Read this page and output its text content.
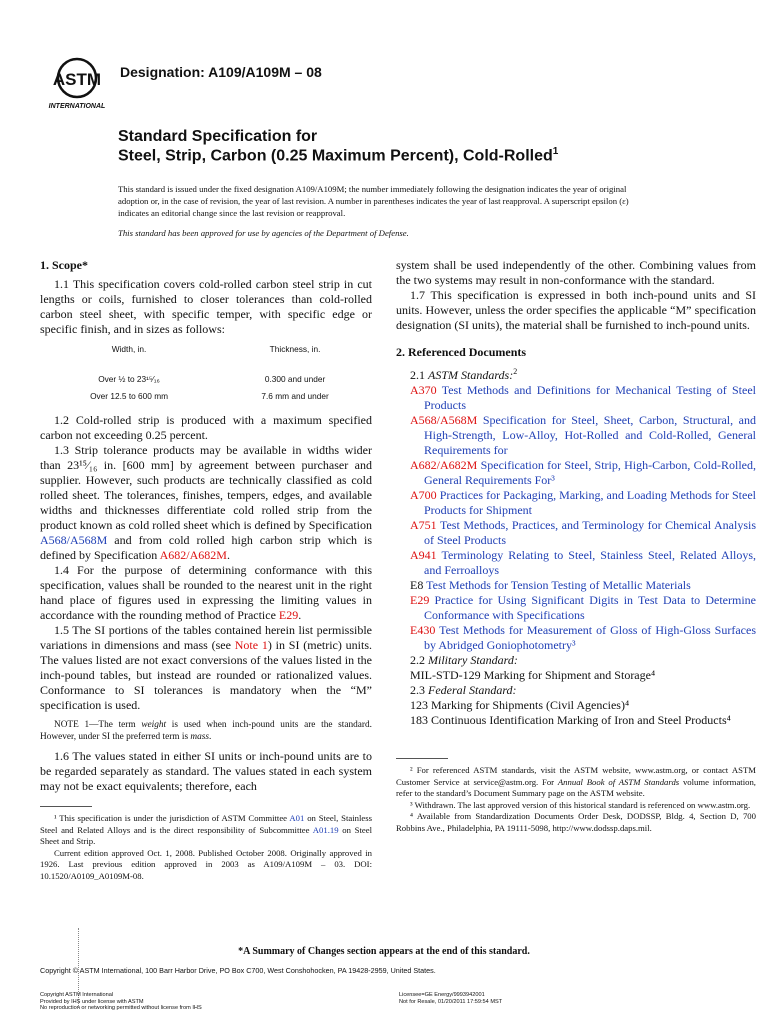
ASTM
INTERNATIONAL
Designation: A109/A109M – 08
Standard Specification for
Steel, Strip, Carbon (0.25 Maximum Percent), Cold-Rolled$^1$
This standard is issued under the fixed designation A109/A109M; the number immediately following the designation indicates the year of original adoption or, in the case of revision, the year of last revision. A number in parentheses indicates the year of last reapproval. A superscript epsilon (ε) indicates an editorial change since the last revision or reapproval.
This standard has been approved for use by agencies of the Department of Defense.
1. Scope*

1.1 This specification covers cold-rolled carbon steel strip in cut lengths or coils, furnished to closer tolerances than cold-rolled carbon steel sheet, with specific temper, with specific edge or specific finish, and in sizes as follows:

Width, in.	Thickness, in.
Over ½ to 23¹⁵⁄₁₆	0.300 and under
Over 12.5 to 600 mm	7.6 mm and under

1.2 Cold-rolled strip is produced with a maximum specified carbon not exceeding 0.25 percent.

1.3 Strip tolerance products may be available in widths wider than 23¹⁵⁄₁₆ in. [600 mm] by agreement between purchaser and supplier. However, such products are technically classified as cold rolled sheet. The tolerances, finishes, tempers, edges, and available widths and thicknesses differentiate cold rolled strip from the product known as cold rolled sheet which is defined by Specification A568/A568M and from cold rolled high carbon strip which is defined by Specification A682/A682M.

1.4 For the purpose of determining conformance with this specification, values shall be rounded to the nearest unit in the right hand place of figures used in expressing the limiting values in accordance with the rounding method of Practice E29.

1.5 The SI portions of the tables contained herein list permissible variations in dimensions and mass (see Note 1) in SI (metric) units. The values listed are not exact conversions of the values listed in the inch-pound tables, but instead are rounded or rationalized values. Conformance to SI tolerances is mandatory when the “M” specification is used.

NOTE 1—The term weight is used when inch-pound units are the standard. However, under SI the preferred term is mass.

1.6 The values stated in either SI units or inch-pound units are to be regarded separately as standard. The values stated in each system may not be exact equivalents; therefore, each

¹ This specification is under the jurisdiction of ASTM Committee A01 on Steel, Stainless Steel and Related Alloys and is the direct responsibility of Subcommittee A01.19 on Steel Sheet and Strip.

Current edition approved Oct. 1, 2008. Published October 2008. Originally approved in 1926. Last previous edition approved in 2003 as A109/A109M – 03. DOI: 10.1520/A0109_A0109M-08.

system shall be used independently of the other. Combining values from the two systems may result in non-conformance with the standard.

1.7 This specification is expressed in both inch-pound units and SI units. However, unless the order specifies the applicable “M” specification designation (SI units), the material shall be furnished to inch-pound units.

2. Referenced Documents

2.1 ASTM Standards:$^2$

A370 Test Methods and Definitions for Mechanical Testing of Steel Products
A568/A568M Specification for Steel, Sheet, Carbon, Structural, and High-Strength, Low-Alloy, Hot-Rolled and Cold-Rolled, General Requirements for
A682/A682M Specification for Steel, Strip, High-Carbon, Cold-Rolled, General Requirements For³
A700 Practices for Packaging, Marking, and Loading Methods for Steel Products for Shipment
A751 Test Methods, Practices, and Terminology for Chemical Analysis of Steel Products
A941 Terminology Relating to Steel, Stainless Steel, Related Alloys, and Ferroalloys
E8 Test Methods for Tension Testing of Metallic Materials
E29 Practice for Using Significant Digits in Test Data to Determine Conformance with Specifications
E430 Test Methods for Measurement of Gloss of High-Gloss Surfaces by Abridged Goniophotometry³

2.2 Military Standard:

MIL-STD-129 Marking for Shipment and Storage⁴

2.3 Federal Standard:

123 Marking for Shipments (Civil Agencies)⁴
183 Continuous Identification Marking of Iron and Steel Products⁴

² For referenced ASTM standards, visit the ASTM website, www.astm.org, or contact ASTM Customer Service at service@astm.org. For Annual Book of ASTM Standards volume information, refer to the standard’s Document Summary page on the ASTM website.

³ Withdrawn. The last approved version of this historical standard is referenced on www.astm.org.

⁴ Available from Standardization Documents Order Desk, DODSSP, Bldg. 4, Section D, 700 Robbins Ave., Philadelphia, PA 19111-5098, http://www.dodssp.daps.mil.

*A Summary of Changes section appears at the end of this standard.
Copyright © ASTM International, 100 Barr Harbor Drive, PO Box C700, West Conshohocken, PA 19428-2959, United States.
Copyright ASTM International
Provided by IHS under license with ASTM
No reproduction or networking permitted without license from IHS
Licensee=GE Energy/9993942001
Not for Resale, 01/20/2011 17:59:54 MST
